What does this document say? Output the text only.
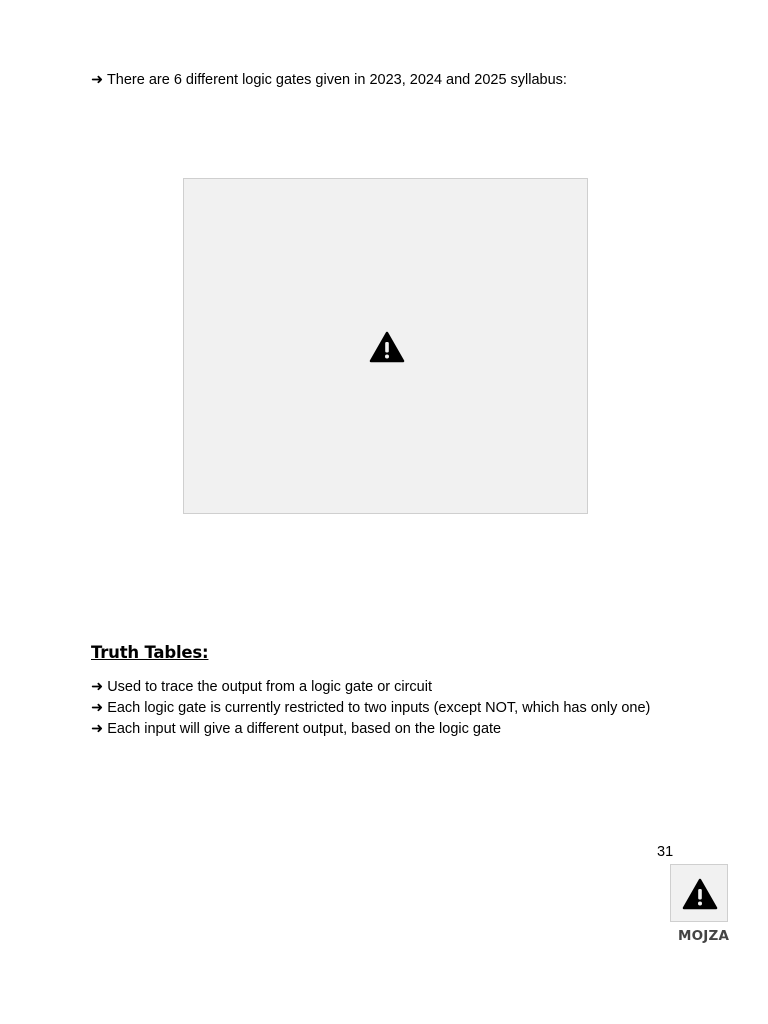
➜ There are 6 different logic gates given in 2023, 2024 and 2025 syllabus:
Truth Tables:
➜ Used to trace the output from a logic gate or circuit
➜ Each logic gate is currently restricted to two inputs (except NOT, which has only one)
➜ Each input will give a different output, based on the logic gate
31
MOJZA
